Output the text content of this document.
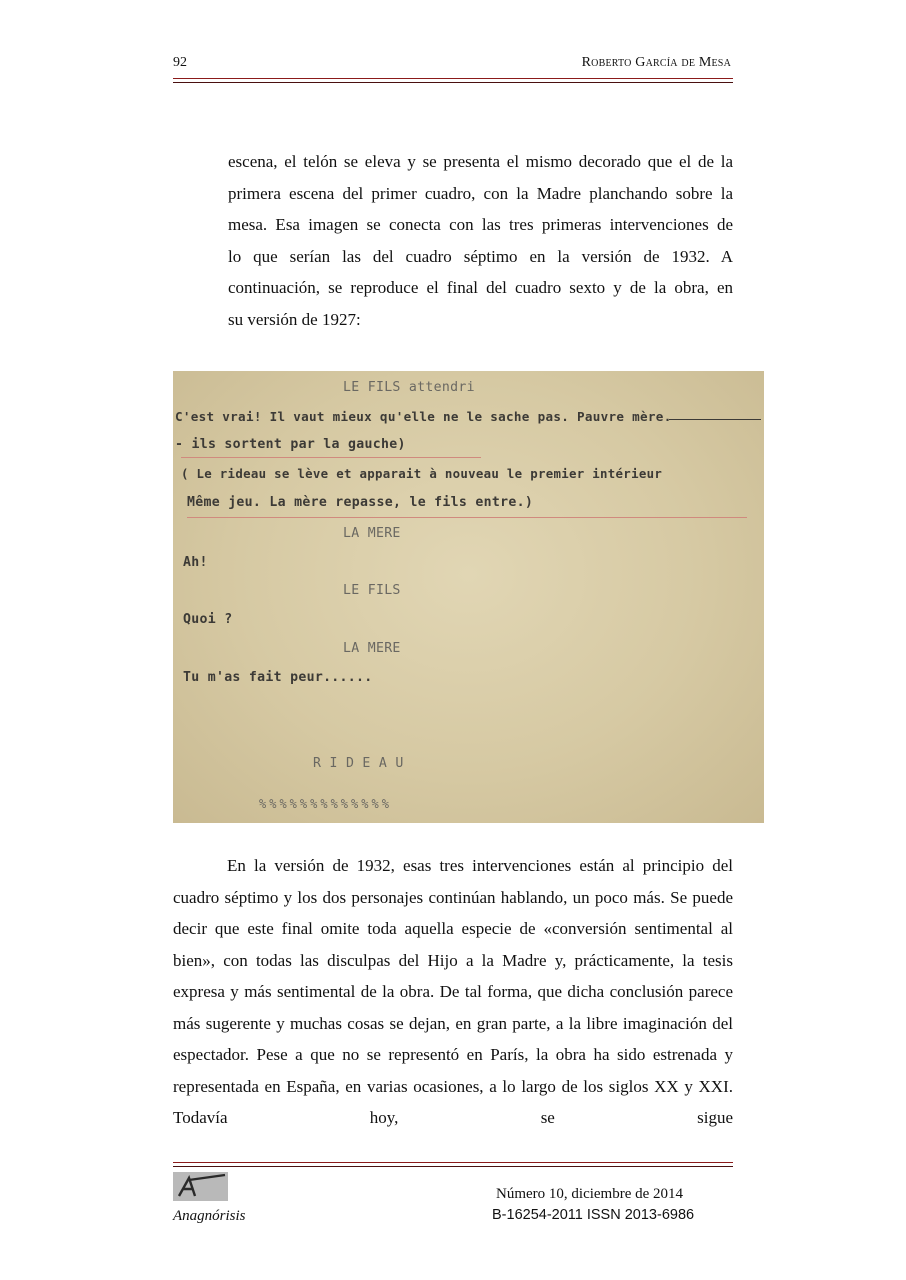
92	Roberto García de Mesa
escena, el telón se eleva y se presenta el mismo decorado que el de la
primera escena del primer cuadro, con la Madre planchando sobre la
mesa. Esa imagen se conecta con las tres primeras intervenciones de
lo que serían las del cuadro séptimo en la versión de 1932. A
continuación, se reproduce el final del cuadro sexto y de la obra, en
su versión de 1927:
LE FILS attendri
C'est vrai! Il vaut mieux qu'elle ne le sache pas. Pauvre mère.
- ils sortent par la gauche)
( Le rideau se lève et apparait à nouveau le premier intérieur
Même jeu. La mère repasse, le fils entre.)
LA MERE
Ah!
LE FILS
Quoi ?
LA MERE
Tu m'as fait peur......
R I D E A U
%%%%%%%%%%%%%
En la versión de 1932, esas tres intervenciones están al principio del cuadro séptimo y los dos personajes continúan hablando, un poco más. Se puede decir que este final omite toda aquella especie de «conversión sentimental al bien», con todas las disculpas del Hijo a la Madre y, prácticamente, la tesis expresa y más sentimental de la obra. De tal forma, que dicha conclusión parece más sugerente y muchas cosas se dejan, en gran parte, a la libre imaginación del espectador. Pese a que no se representó en París, la obra ha sido estrenada y representada en España, en varias ocasiones, a lo largo de los siglos XX y XXI. Todavía hoy, se sigue
Anagnórisis
Número 10, diciembre de 2014
B-16254-2011 ISSN 2013-6986
